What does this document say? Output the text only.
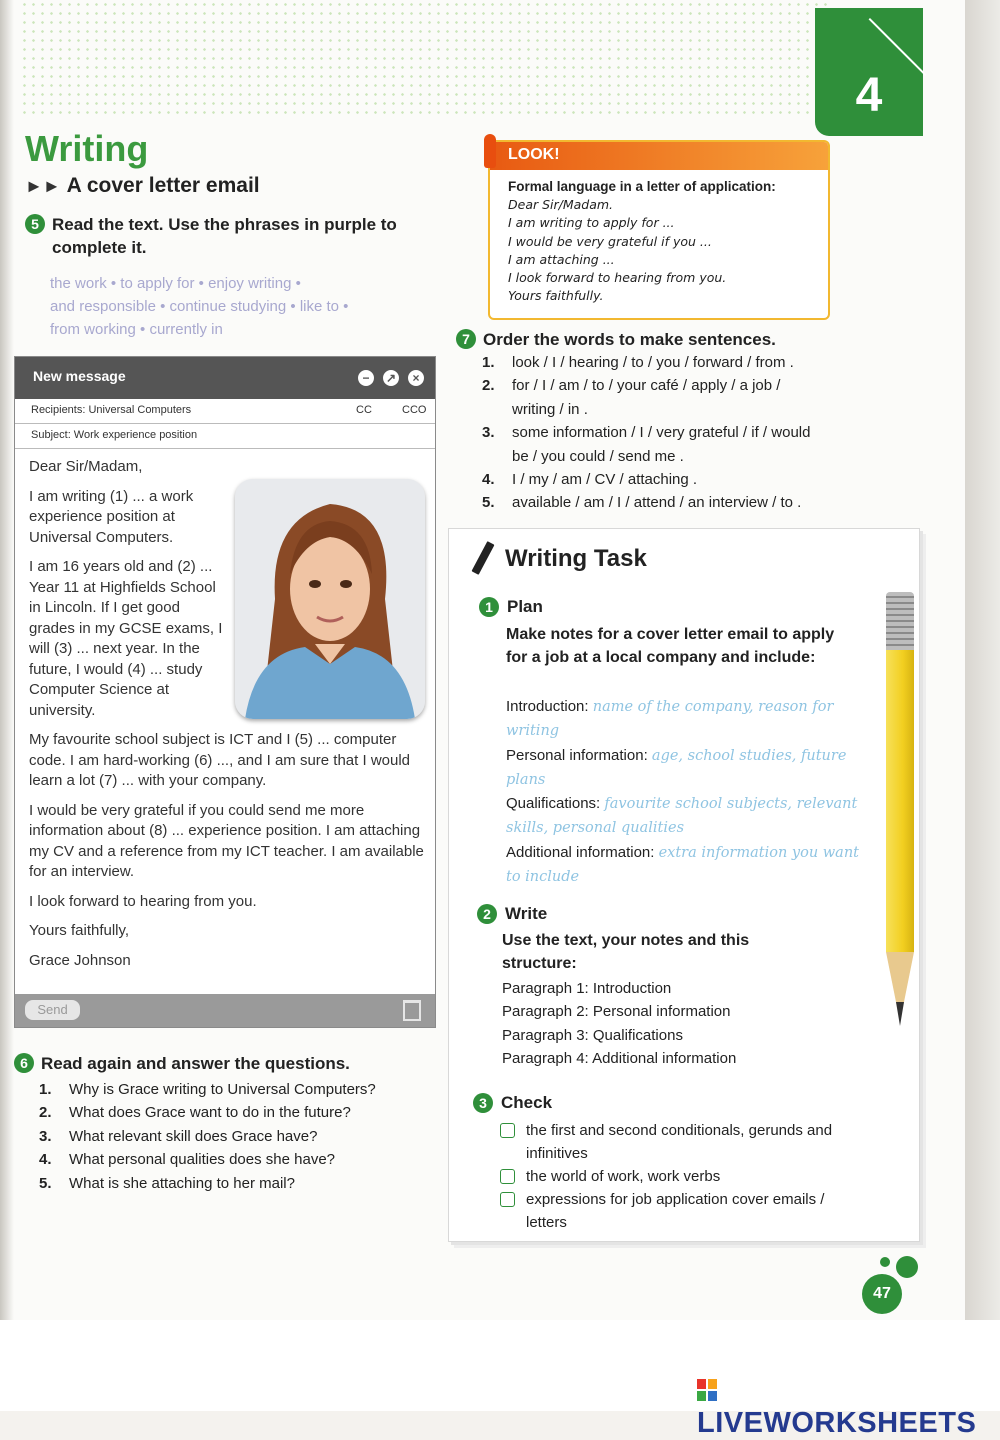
4
Writing
►► A cover letter email
5 Read the text. Use the phrases in purple to complete it.
the work • to apply for • enjoy writing •
and responsible • continue studying • like to •
from working • currently in
New message	−	↗	×
Recipients: Universal Computers	CC	CCO
Subject: Work experience position

Dear Sir/Madam,

I am writing (1) ... a work experience position at Universal Computers.

I am 16 years old and (2) ... Year 11 at Highfields School in Lincoln. If I get good grades in my GCSE exams, I will (3) ... next year. In the future, I would (4) ... study Computer Science at university.

My favourite school subject is ICT and I (5) ... computer code. I am hard-working (6) ..., and I am sure that I would learn a lot (7) ... with your company.

I would be very grateful if you could send me more information about (8) ... experience position. I am attaching my CV and a reference from my ICT teacher. I am available for an interview.

I look forward to hearing from you.

Yours faithfully,

Grace Johnson

Send
6 Read again and answer the questions.
1. Why is Grace writing to Universal Computers?
2. What does Grace want to do in the future?
3. What relevant skill does Grace have?
4. What personal qualities does she have?
5. What is she attaching to her mail?
LOOK!
Formal language in a letter of application:
Dear Sir/Madam.
I am writing to apply for ...
I would be very grateful if you ...
I am attaching ...
I look forward to hearing from you.
Yours faithfully.
7 Order the words to make sentences.
1. look / I / hearing / to / you / forward / from .
2. for / I / am / to / your café / apply / a job / writing / in .
3. some information / I / very grateful / if / would be / you could / send me .
4. I / my / am / CV / attaching .
5. available / am / I / attend / an interview / to .
Writing Task
1 Plan
Make notes for a cover letter email to apply for a job at a local company and include:
Introduction: name of the company, reason for writing
Personal information: age, school studies, future plans
Qualifications: favourite school subjects, relevant skills, personal qualities
Additional information: extra information you want to include
2 Write
Use the text, your notes and this structure:
Paragraph 1: Introduction
Paragraph 2: Personal information
Paragraph 3: Qualifications
Paragraph 4: Additional information
3 Check
the first and second conditionals, gerunds and infinitives
the world of work, work verbs
expressions for job application cover emails / letters
47
LIVEWORKSHEETS
